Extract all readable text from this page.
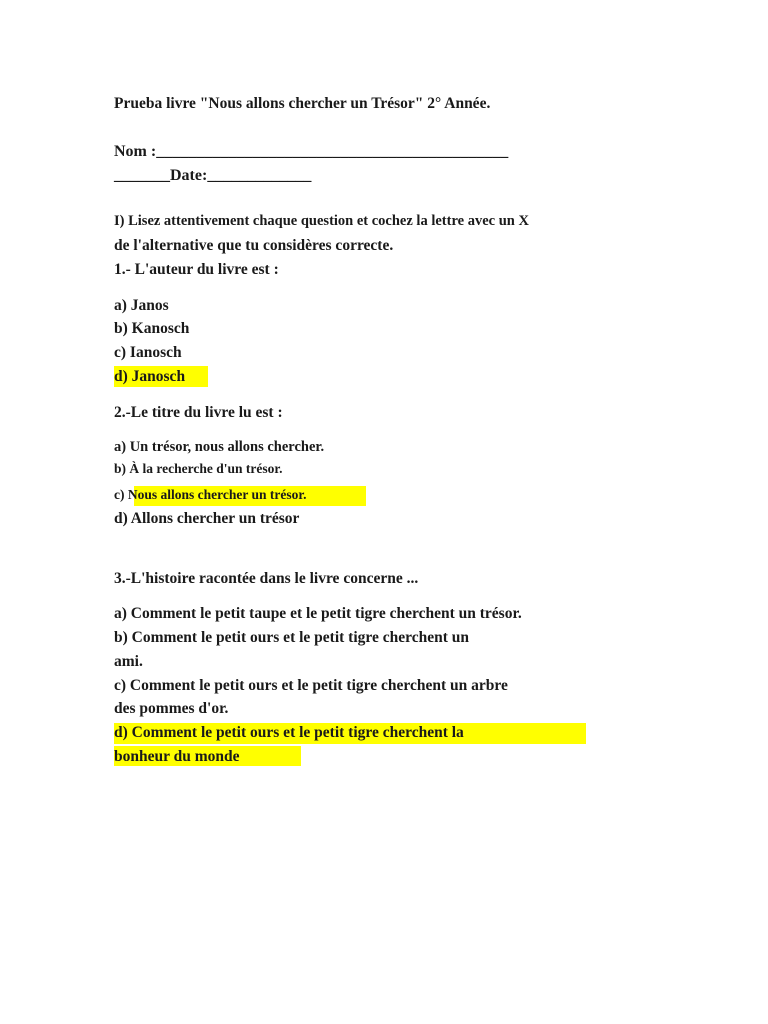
Prueba livre "Nous allons chercher un Trésor" 2° Année.
Nom :____________________________________________
_______Date:_____________
I) Lisez attentivement chaque question et cochez la lettre avec un X
de l'alternative que tu considères correcte.
1.- L'auteur du livre est :
a) Janos
b) Kanosch
c) Ianosch
d) Janosch
2.-Le titre du livre lu est :
a) Un trésor, nous allons chercher.
b) À la recherche d'un trésor.
c) Nous allons chercher un trésor.
d) Allons chercher un trésor
3.-L'histoire racontée dans le livre concerne ...
a) Comment le petit taupe et le petit tigre cherchent un trésor.
b) Comment le petit ours et le petit tigre cherchent un
ami.
c) Comment le petit ours et le petit tigre cherchent un arbre
des pommes d'or.
d) Comment le petit ours et le petit tigre cherchent la
bonheur du monde
